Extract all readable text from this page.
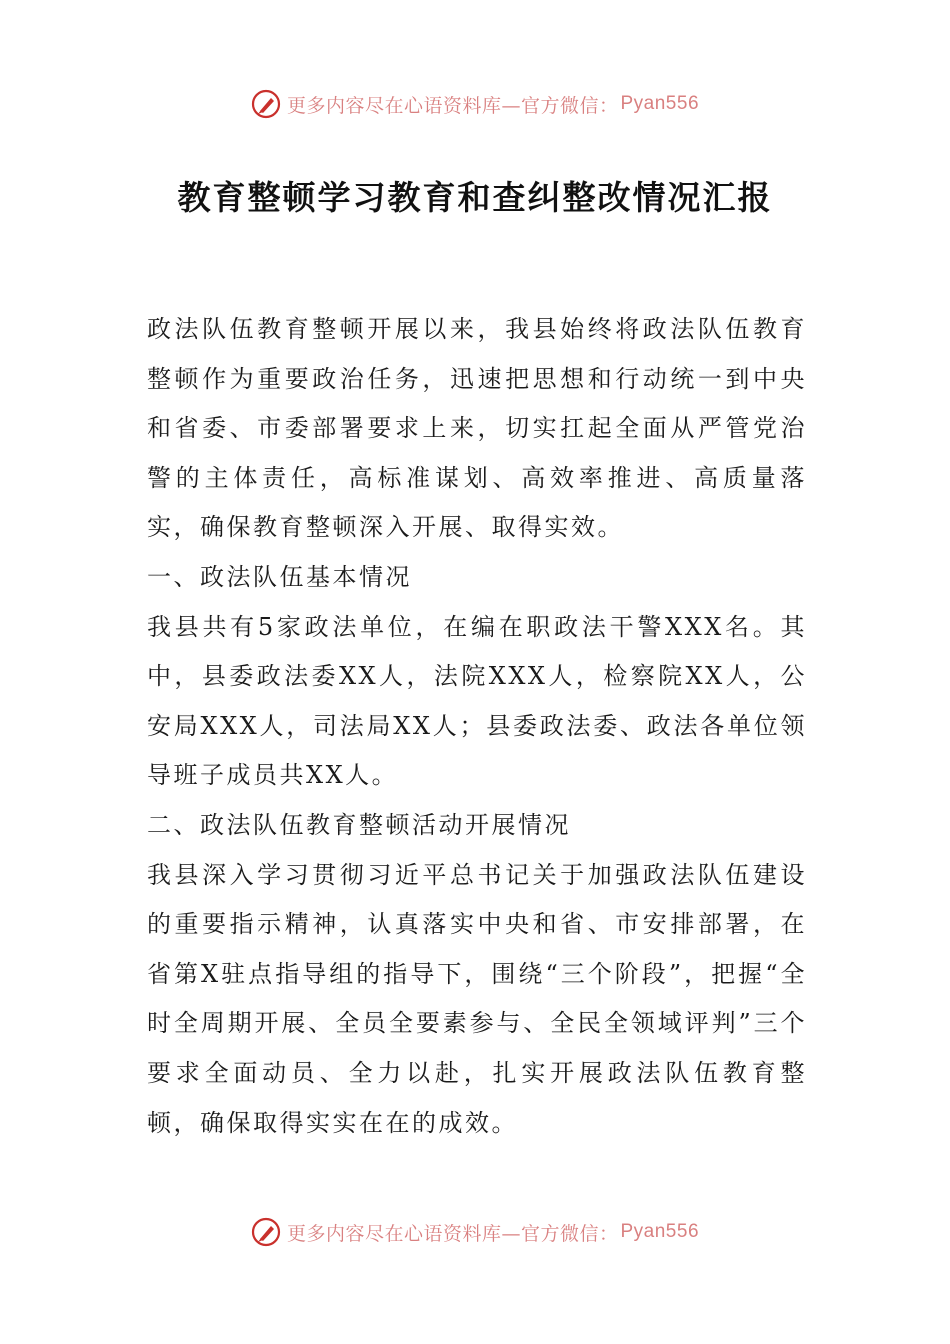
更多内容尽在心语资料库—官方微信： Pyan556
教育整顿学习教育和查纠整改情况汇报

政法队伍教育整顿开展以来，我县始终将政法队伍教育整顿作为重要政治任务，迅速把思想和行动统一到中央和省委、市委部署要求上来，切实扛起全面从严管党治警的主体责任，高标准谋划、高效率推进、高质量落实，确保教育整顿深入开展、取得实效。

一、政法队伍基本情况

我县共有5家政法单位，在编在职政法干警XXX名。其中，县委政法委XX人，法院XXX人，检察院XX人，公安局XXX人，司法局XX人；县委政法委、政法各单位领导班子成员共XX人。

二、政法队伍教育整顿活动开展情况

我县深入学习贯彻习近平总书记关于加强政法队伍建设的重要指示精神，认真落实中央和省、市安排部署，在省第X驻点指导组的指导下，围绕“三个阶段”，把握“全时全周期开展、全员全要素参与、全民全领域评判”三个要求全面动员、全力以赴，扎实开展政法队伍教育整顿，确保取得实实在在的成效。

更多内容尽在心语资料库—官方微信： Pyan556
